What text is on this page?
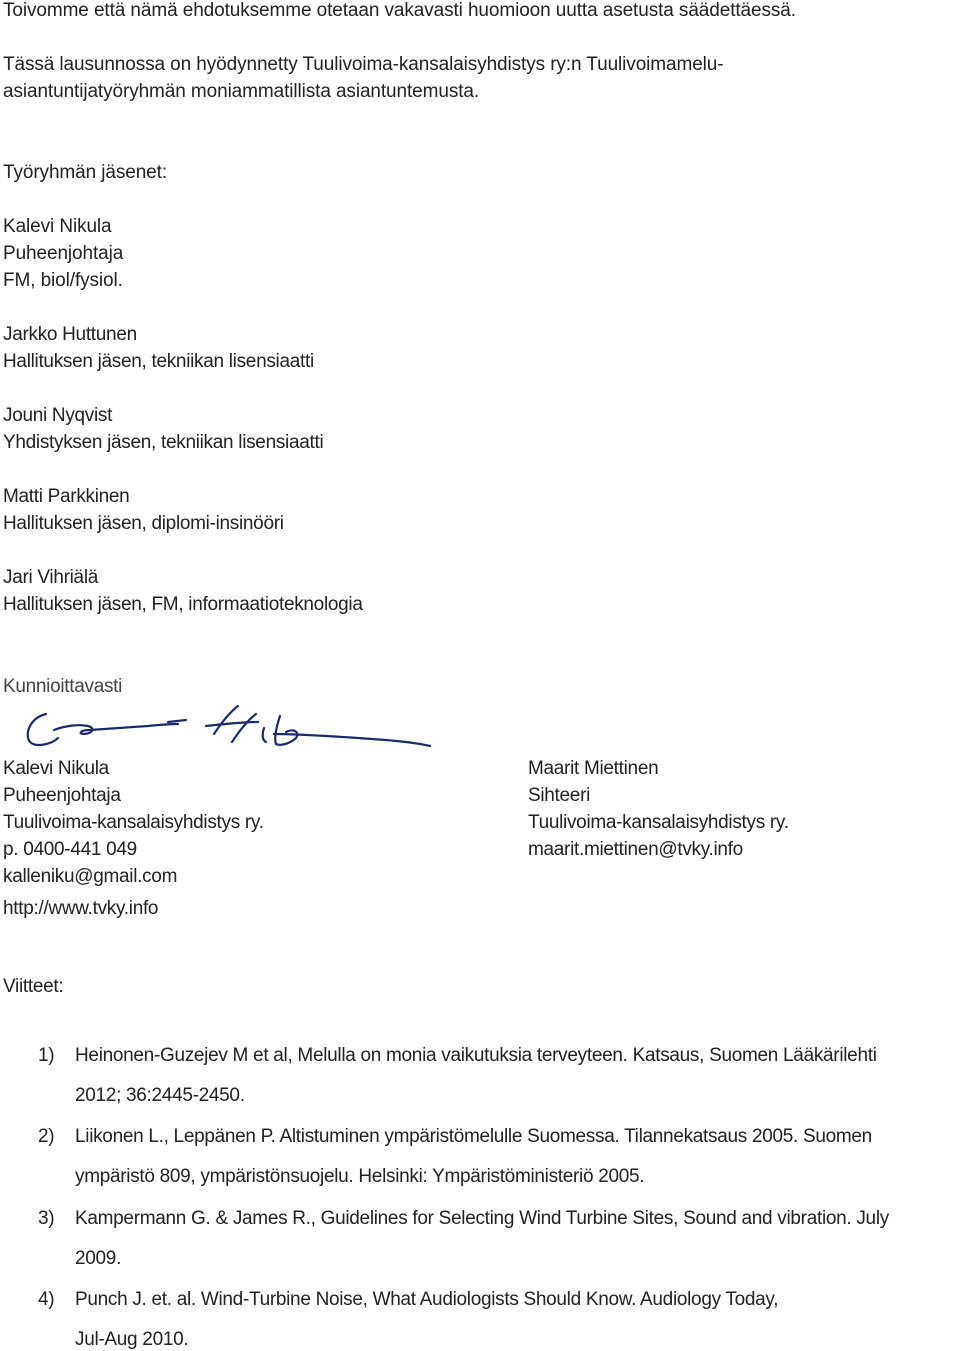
Toivomme että nämä ehdotuksemme otetaan vakavasti huomioon uutta asetusta säädettäessä.
Tässä lausunnossa on hyödynnetty Tuulivoima-kansalaisyhdistys ry:n Tuulivoimamelu-
asiantuntijatyöryhmän moniammatillista asiantuntemusta.
Työryhmän jäsenet:
Kalevi Nikula
Puheenjohtaja
FM, biol/fysiol.
Jarkko Huttunen
Hallituksen jäsen, tekniikan lisensiaatti
Jouni Nyqvist
Yhdistyksen jäsen, tekniikan lisensiaatti
Matti Parkkinen
Hallituksen jäsen, diplomi-insinööri
Jari Vihriälä
Hallituksen jäsen, FM, informaatioteknologia
Kunnioittavasti
Kalevi Nikula
Puheenjohtaja
Tuulivoima-kansalaisyhdistys ry.
p. 0400-441 049
kalleniku@gmail.com
http://www.tvky.info
Maarit Miettinen
Sihteeri
Tuulivoima-kansalaisyhdistys ry.
maarit.miettinen@tvky.info
Viitteet:
1) Heinonen-Guzejev M et al, Melulla on monia vaikutuksia terveyteen. Katsaus, Suomen Lääkärilehti
2012; 36:2445-2450.
2) Liikonen L., Leppänen P. Altistuminen ympäristömelulle Suomessa. Tilannekatsaus 2005. Suomen
ympäristö 809, ympäristönsuojelu. Helsinki: Ympäristöministeriö 2005.
3) Kampermann G. & James R., Guidelines for Selecting Wind Turbine Sites, Sound and vibration. July
2009.
4) Punch J. et. al. Wind-Turbine Noise, What Audiologists Should Know. Audiology Today,
Jul-Aug 2010.
